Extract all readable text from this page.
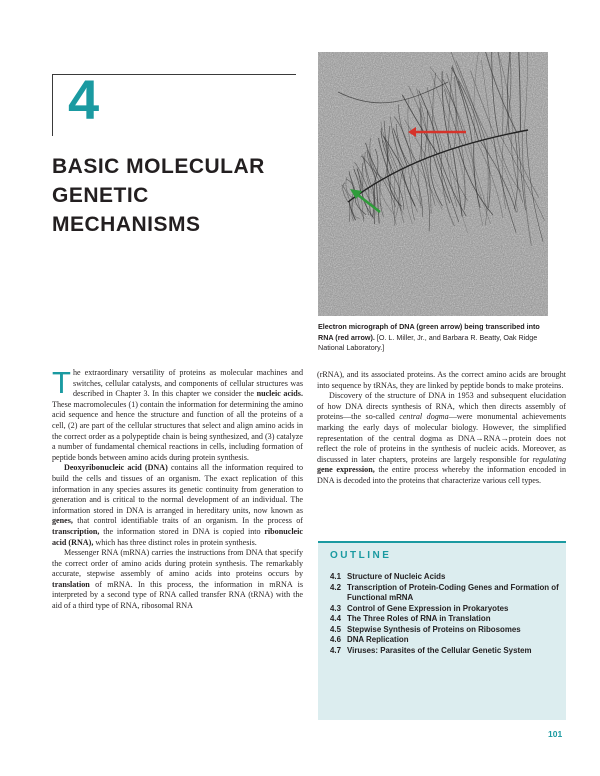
4
BASIC MOLECULAR
GENETIC
MECHANISMS
Electron micrograph of DNA (green arrow) being transcribed into RNA (red arrow). [O. L. Miller, Jr., and Barbara R. Beatty, Oak Ridge National Laboratory.]

The extraordinary versatility of proteins as molecular machines and switches, cellular catalysts, and components of cellular structures was described in Chapter 3. In this chapter we consider the nucleic acids. These macromolecules (1) contain the information for determining the amino acid sequence and hence the structure and function of all the proteins of a cell, (2) are part of the cellular structures that select and align amino acids in the correct order as a polypeptide chain is being synthesized, and (3) catalyze a number of fundamental chemical reactions in cells, including formation of peptide bonds between amino acids during protein synthesis.

Deoxyribonucleic acid (DNA) contains all the information required to build the cells and tissues of an organism. The exact replication of this information in any species assures its genetic continuity from generation to generation and is critical to the normal development of an individual. The information stored in DNA is arranged in hereditary units, now known as genes, that control identifiable traits of an organism. In the process of transcription, the information stored in DNA is copied into ribonucleic acid (RNA), which has three distinct roles in protein synthesis.

Messenger RNA (mRNA) carries the instructions from DNA that specify the correct order of amino acids during protein synthesis. The remarkably accurate, stepwise assembly of amino acids into proteins occurs by translation of mRNA. In this process, the information in mRNA is interpreted by a second type of RNA called transfer RNA (tRNA) with the aid of a third type of RNA, ribosomal RNA

(rRNA), and its associated proteins. As the correct amino acids are brought into sequence by tRNAs, they are linked by peptide bonds to make proteins.

Discovery of the structure of DNA in 1953 and subsequent elucidation of how DNA directs synthesis of RNA, which then directs assembly of proteins—the so-called central dogma—were monumental achievements marking the early days of molecular biology. However, the simplified representation of the central dogma as DNA→RNA→protein does not reflect the role of proteins in the synthesis of nucleic acids. Moreover, as discussed in later chapters, proteins are largely responsible for regulating gene expression, the entire process whereby the information encoded in DNA is decoded into the proteins that characterize various cell types.

OUTLINE
4.1 Structure of Nucleic Acids
4.2 Transcription of Protein-Coding Genes and Formation of Functional mRNA
4.3 Control of Gene Expression in Prokaryotes
4.4 The Three Roles of RNA in Translation
4.5 Stepwise Synthesis of Proteins on Ribosomes
4.6 DNA Replication
4.7 Viruses: Parasites of the Cellular Genetic System
101
